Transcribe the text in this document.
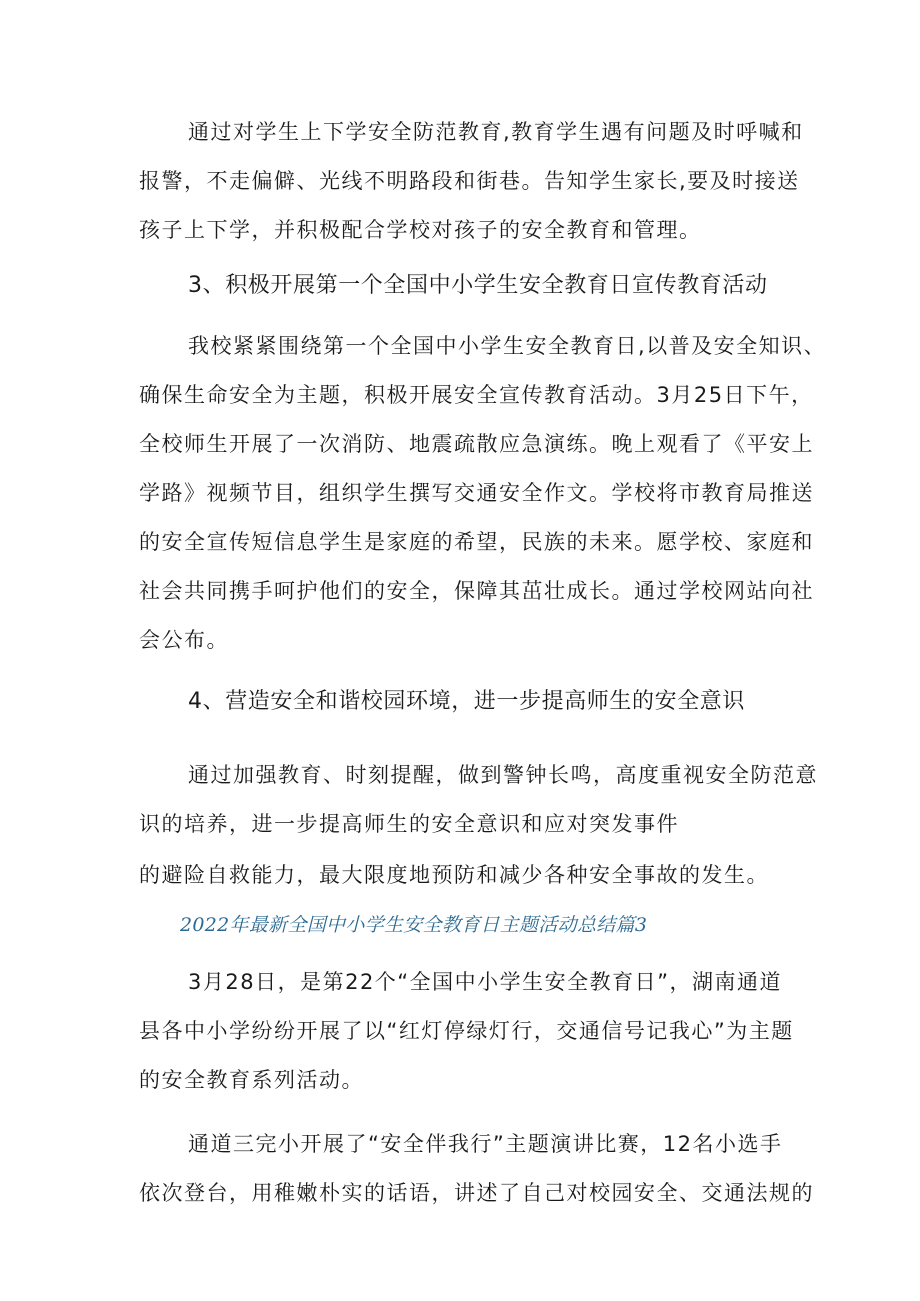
通过对学生上下学安全防范教育,教育学生遇有问题及时呼喊和
报警，不走偏僻、光线不明路段和街巷。告知学生家长,要及时接送
孩子上下学，并积极配合学校对孩子的安全教育和管理。
3、积极开展第一个全国中小学生安全教育日宣传教育活动
我校紧紧围绕第一个全国中小学生安全教育日,以普及安全知识、
确保生命安全为主题，积极开展安全宣传教育活动。3月25日下午，
全校师生开展了一次消防、地震疏散应急演练。晚上观看了《平安上
学路》视频节目，组织学生撰写交通安全作文。学校将市教育局推送
的安全宣传短信息学生是家庭的希望，民族的未来。愿学校、家庭和
社会共同携手呵护他们的安全，保障其茁壮成长。通过学校网站向社
会公布。
4、营造安全和谐校园环境，进一步提高师生的安全意识
通过加强教育、时刻提醒，做到警钟长鸣，高度重视安全防范意
识的培养，进一步提高师生的安全意识和应对突发事件
的避险自救能力，最大限度地预防和减少各种安全事故的发生。
2022年最新全国中小学生安全教育日主题活动总结篇3
3月28日，是第22个“全国中小学生安全教育日”，湖南通道
县各中小学纷纷开展了以“红灯停绿灯行，交通信号记我心”为主题
的安全教育系列活动。
通道三完小开展了“安全伴我行”主题演讲比赛，12名小选手
依次登台，用稚嫩朴实的话语，讲述了自己对校园安全、交通法规的
